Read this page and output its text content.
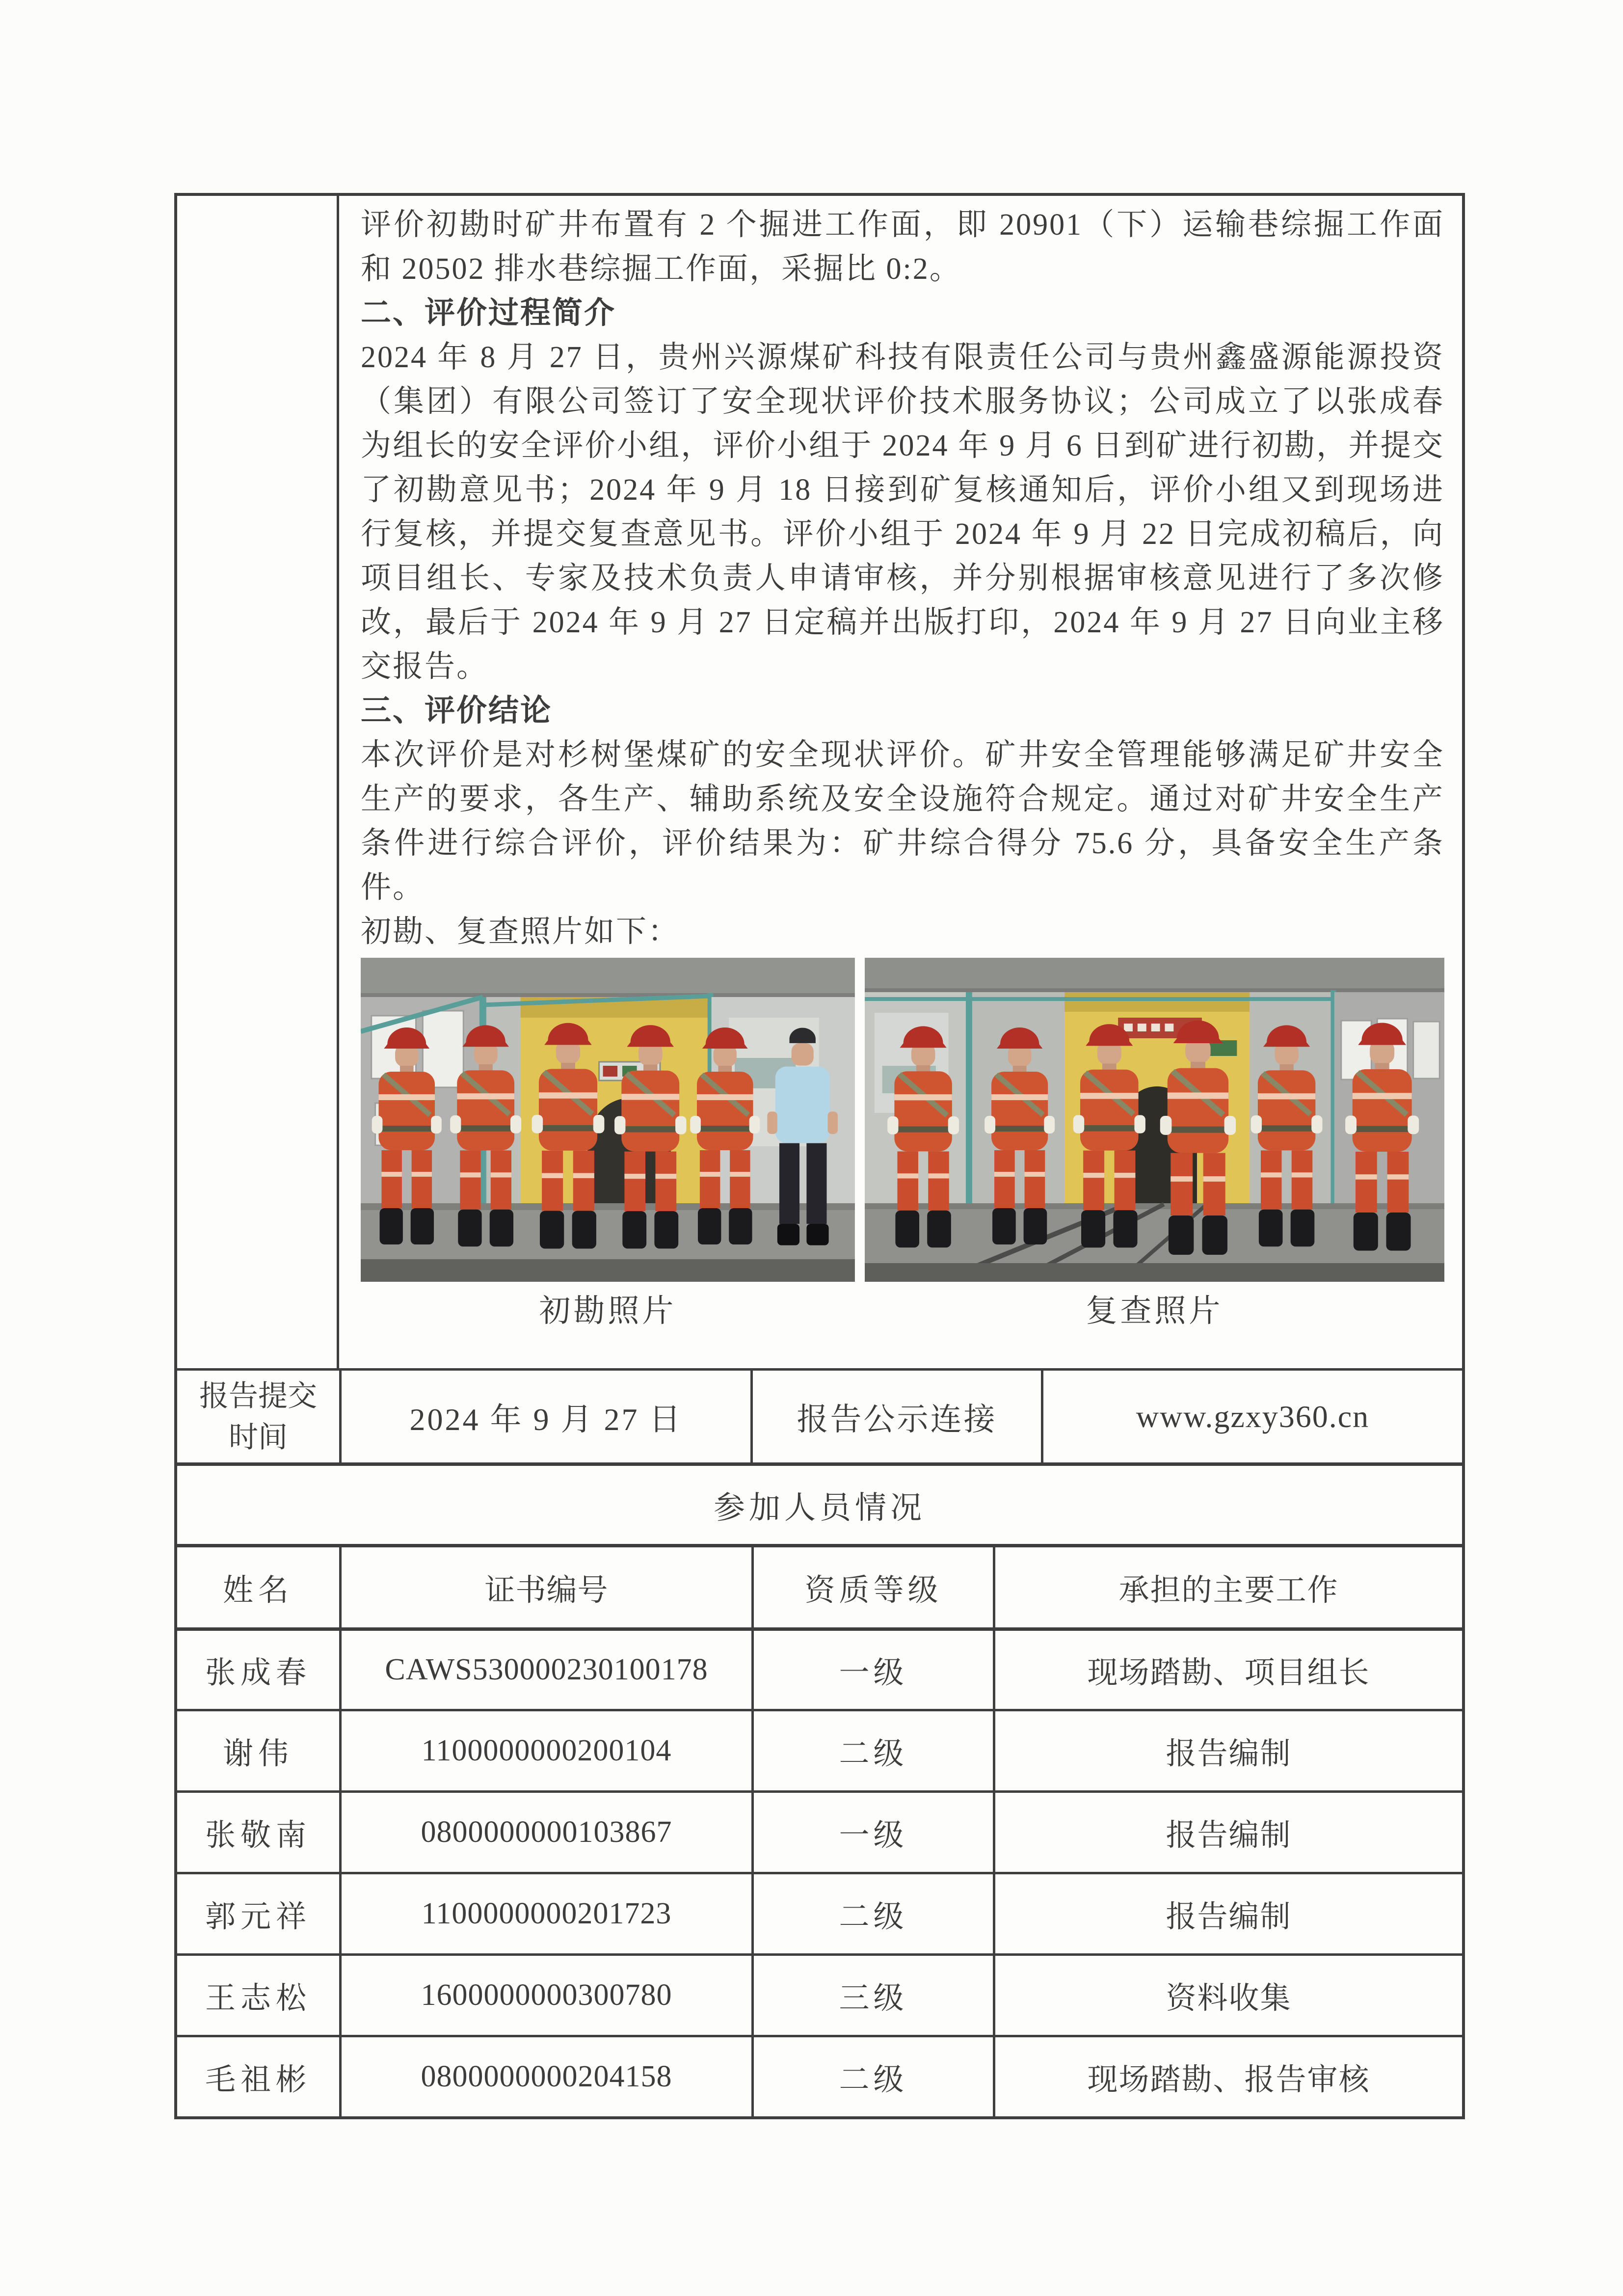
评价初勘时矿井布置有 2 个掘进工作面，即 20901（下）运输巷综掘工作面和 20502 排水巷综掘工作面，采掘比 0:2。

二、评价过程简介

2024 年 8 月 27 日，贵州兴源煤矿科技有限责任公司与贵州鑫盛源能源投资（集团）有限公司签订了安全现状评价技术服务协议；公司成立了以张成春为组长的安全评价小组，评价小组于 2024 年 9 月 6 日到矿进行初勘，并提交了初勘意见书；2024 年 9 月 18 日接到矿复核通知后，评价小组又到现场进行复核，并提交复查意见书。评价小组于 2024 年 9 月 22 日完成初稿后，向项目组长、专家及技术负责人申请审核，并分别根据审核意见进行了多次修改，最后于 2024 年 9 月 27 日定稿并出版打印，2024 年 9 月 27 日向业主移交报告。

三、评价结论

本次评价是对杉树堡煤矿的安全现状评价。矿井安全管理能够满足矿井安全生产的要求，各生产、辅助系统及安全设施符合规定。通过对矿井安全生产条件进行综合评价，评价结果为：矿井综合得分 75.6 分，具备安全生产条件。

初勘、复查照片如下：

初勘照片	复查照片
报告提交时间
2024 年 9 月 27 日	报告公示连接	www.gzxy360.cn
参加人员情况
姓名	证书编号	资质等级	承担的主要工作
张成春	CAWS530000230100178	一级	现场踏勘、项目组长
谢伟	1100000000200104	二级	报告编制
张敬南	0800000000103867	一级	报告编制
郭元祥	1100000000201723	二级	报告编制
王志松	1600000000300780	三级	资料收集
毛祖彬	0800000000204158	二级	现场踏勘、报告审核
